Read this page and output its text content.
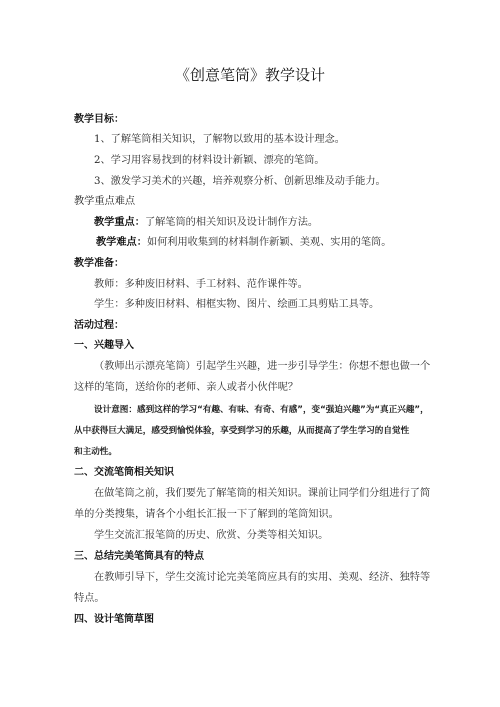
《创意笔筒》教学设计
教学目标：
1、了解笔筒相关知识，了解物以致用的基本设计理念。
2、学习用容易找到的材料设计新颖、漂亮的笔筒。
3、激发学习美术的兴趣，培养观察分析、创新思维及动手能力。
教学重点难点
教学重点：了解笔筒的相关知识及设计制作方法。
教学难点：如何利用收集到的材料制作新颖、美观、实用的笔筒。
教学准备：
教师：多种废旧材料、手工材料、范作课件等。
学生：多种废旧材料、相框实物、图片、绘画工具剪贴工具等。
活动过程：
一、兴趣导入
（教师出示漂亮笔筒）引起学生兴趣，进一步引导学生：你想不想也做一个
这样的笔筒，送给你的老师、亲人或者小伙伴呢？
设计意图：感到这样的学习“有趣、有味、有奇、有感”，变“强迫兴趣”为“真正兴趣”，
从中获得巨大满足，感受到愉悦体验，享受到学习的乐趣，从而提高了学生学习的自觉性
和主动性。
二、交流笔筒相关知识
在做笔筒之前，我们要先了解笔筒的相关知识。课前让同学们分组进行了简
单的分类搜集，请各个小组长汇报一下了解到的笔筒知识。
学生交流汇报笔筒的历史、欣赏、分类等相关知识。
三、总结完美笔筒具有的特点
在教师引导下，学生交流讨论完美笔筒应具有的实用、美观、经济、独特等
特点。
四、设计笔筒草图
